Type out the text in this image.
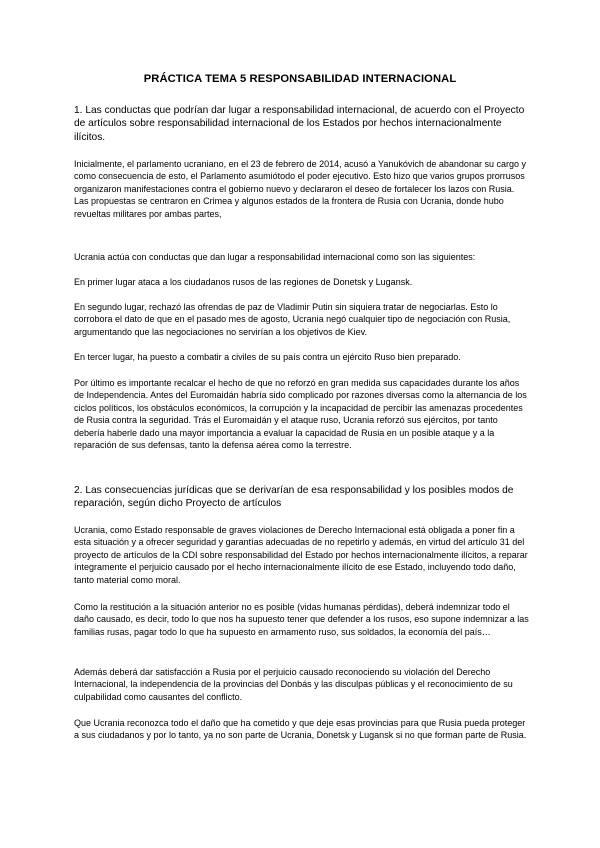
PRÁCTICA TEMA 5 RESPONSABILIDAD INTERNACIONAL

1. Las conductas que podrían dar lugar a responsabilidad internacional, de acuerdo con el Proyecto de artículos sobre responsabilidad internacional de los Estados por hechos internacionalmente ilícitos.

Inicialmente, el parlamento ucraniano, en el 23 de febrero de 2014, acusó a Yanukóvich de abandonar su cargo y como consecuencia de esto, el Parlamento asumiótodo el poder ejecutivo. Esto hizo que varios grupos prorrusos organizaron manifestaciones contra el gobierno nuevo y declararon el deseo de fortalecer los lazos con Rusia. Las propuestas se centraron en Crimea y algunos estados de la frontera de Rusia con Ucrania, donde hubo revueltas militares por ambas partes,

Ucrania actúa con conductas que dan lugar a responsabilidad internacional como son las siguientes:

En primer lugar ataca a los ciudadanos rusos de las regiones de Donetsk y Lugansk.

En segundo lugar, rechazó las ofrendas de paz de Vladimir Putin sin siquiera tratar de negociarlas. Esto lo corrobora el dato de que en el pasado mes de agosto, Ucrania negó cualquier tipo de negociación con Rusia, argumentando que las negociaciones no servirían a los objetivos de Kiev.

En tercer lugar, ha puesto a combatir a civiles de su país contra un ejército Ruso bien preparado.

Por último es importante recalcar el hecho de que no reforzó en gran medida sus capacidades durante los años de Independencia. Antes del Euromaidán habría sido complicado por razones diversas como la alternancia de los ciclos políticos, los obstáculos económicos, la corrupción y la incapacidad de percibir las amenazas procedentes de Rusia contra la seguridad. Trás el Euromaidán y el ataque ruso, Ucrania reforzó sus ejércitos, por tanto debería haberle dado una mayor importancia a evaluar la capacidad de Rusia en un posible ataque y a la reparación de sus defensas, tanto la defensa aérea como la terrestre.

2. Las consecuencias jurídicas que se derivarían de esa responsabilidad y los posibles modos de reparación, según dicho Proyecto de artículos

Ucrania, como Estado responsable de graves violaciones de Derecho Internacional está obligada a poner fin a esta situación y a ofrecer seguridad y garantías adecuadas de no repetirlo y además, en virtud del artículo 31 del proyecto de artículos de la CDI sobre responsabilidad del Estado por hechos internacionalmente ilícitos, a reparar íntegramente el perjuicio causado por el hecho internacionalmente ilícito de ese Estado, incluyendo todo daño, tanto material como moral.

Como la restitución a la situación anterior no es posible (vidas humanas pérdidas), deberá indemnizar todo el daño causado, es decir, todo lo que nos ha supuesto tener que defender a los rusos, eso supone indemnizar a las familias rusas, pagar todo lo que ha supuesto en armamento ruso, sus soldados, la economía del país…

Además deberá dar satisfacción a Rusia por el perjuicio causado reconociendo su violación del Derecho Internacional, la independencia de la provincias del Donbás y las disculpas públicas y el reconocimiento de su culpabilidad como causantes del conflicto.

Que Ucrania reconozca todo el daño que ha cometido y que deje esas provincias para que Rusia pueda proteger a sus ciudadanos y por lo tanto, ya no son parte de Ucrania, Donetsk y Lugansk si no que forman parte de Rusia.
